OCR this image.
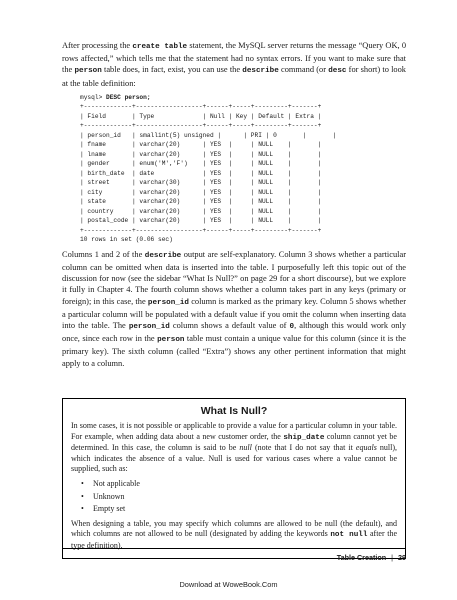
After processing the create table statement, the MySQL server returns the message “Query OK, 0 rows affected,” which tells me that the statement had no syntax errors. If you want to make sure that the person table does, in fact, exist, you can use the describe command (or desc for short) to look at the table definition:

mysql> DESC person;
+-------------+------------------+------+-----+---------+-------+
| Field       | Type             | Null | Key | Default | Extra |
+-------------+------------------+------+-----+---------+-------+
| person_id   | smallint(5) unsigned |      | PRI | 0       |       |
| fname       | varchar(20)      | YES  |     | NULL    |       |
| lname       | varchar(20)      | YES  |     | NULL    |       |
| gender      | enum('M','F')    | YES  |     | NULL    |       |
| birth_date  | date             | YES  |     | NULL    |       |
| street      | varchar(30)      | YES  |     | NULL    |       |
| city        | varchar(20)      | YES  |     | NULL    |       |
| state       | varchar(20)      | YES  |     | NULL    |       |
| country     | varchar(20)      | YES  |     | NULL    |       |
| postal_code | varchar(20)      | YES  |     | NULL    |       |
+-------------+------------------+------+-----+---------+-------+
10 rows in set (0.06 sec)

Columns 1 and 2 of the describe output are self-explanatory. Column 3 shows whether a particular column can be omitted when data is inserted into the table. I purposefully left this topic out of the discussion for now (see the sidebar “What Is Null?” on page 29 for a short discourse), but we explore it fully in Chapter 4. The fourth column shows whether a column takes part in any keys (primary or foreign); in this case, the person_id column is marked as the primary key. Column 5 shows whether a particular column will be populated with a default value if you omit the column when inserting data into the table. The person_id column shows a default value of 0, although this would work only once, since each row in the person table must contain a unique value for this column (since it is the primary key). The sixth column (called “Extra”) shows any other pertinent information that might apply to a column.

What Is Null?

In some cases, it is not possible or applicable to provide a value for a particular column in your table. For example, when adding data about a new customer order, the ship_date column cannot yet be determined. In this case, the column is said to be null (note that I do not say that it equals null), which indicates the absence of a value. Null is used for various cases where a value cannot be supplied, such as:

• Not applicable
• Unknown
• Empty set

When designing a table, you may specify which columns are allowed to be null (the default), and which columns are not allowed to be null (designated by adding the keywords not null after the type definition).

Table Creation | 29
Download at WoweBook.Com
